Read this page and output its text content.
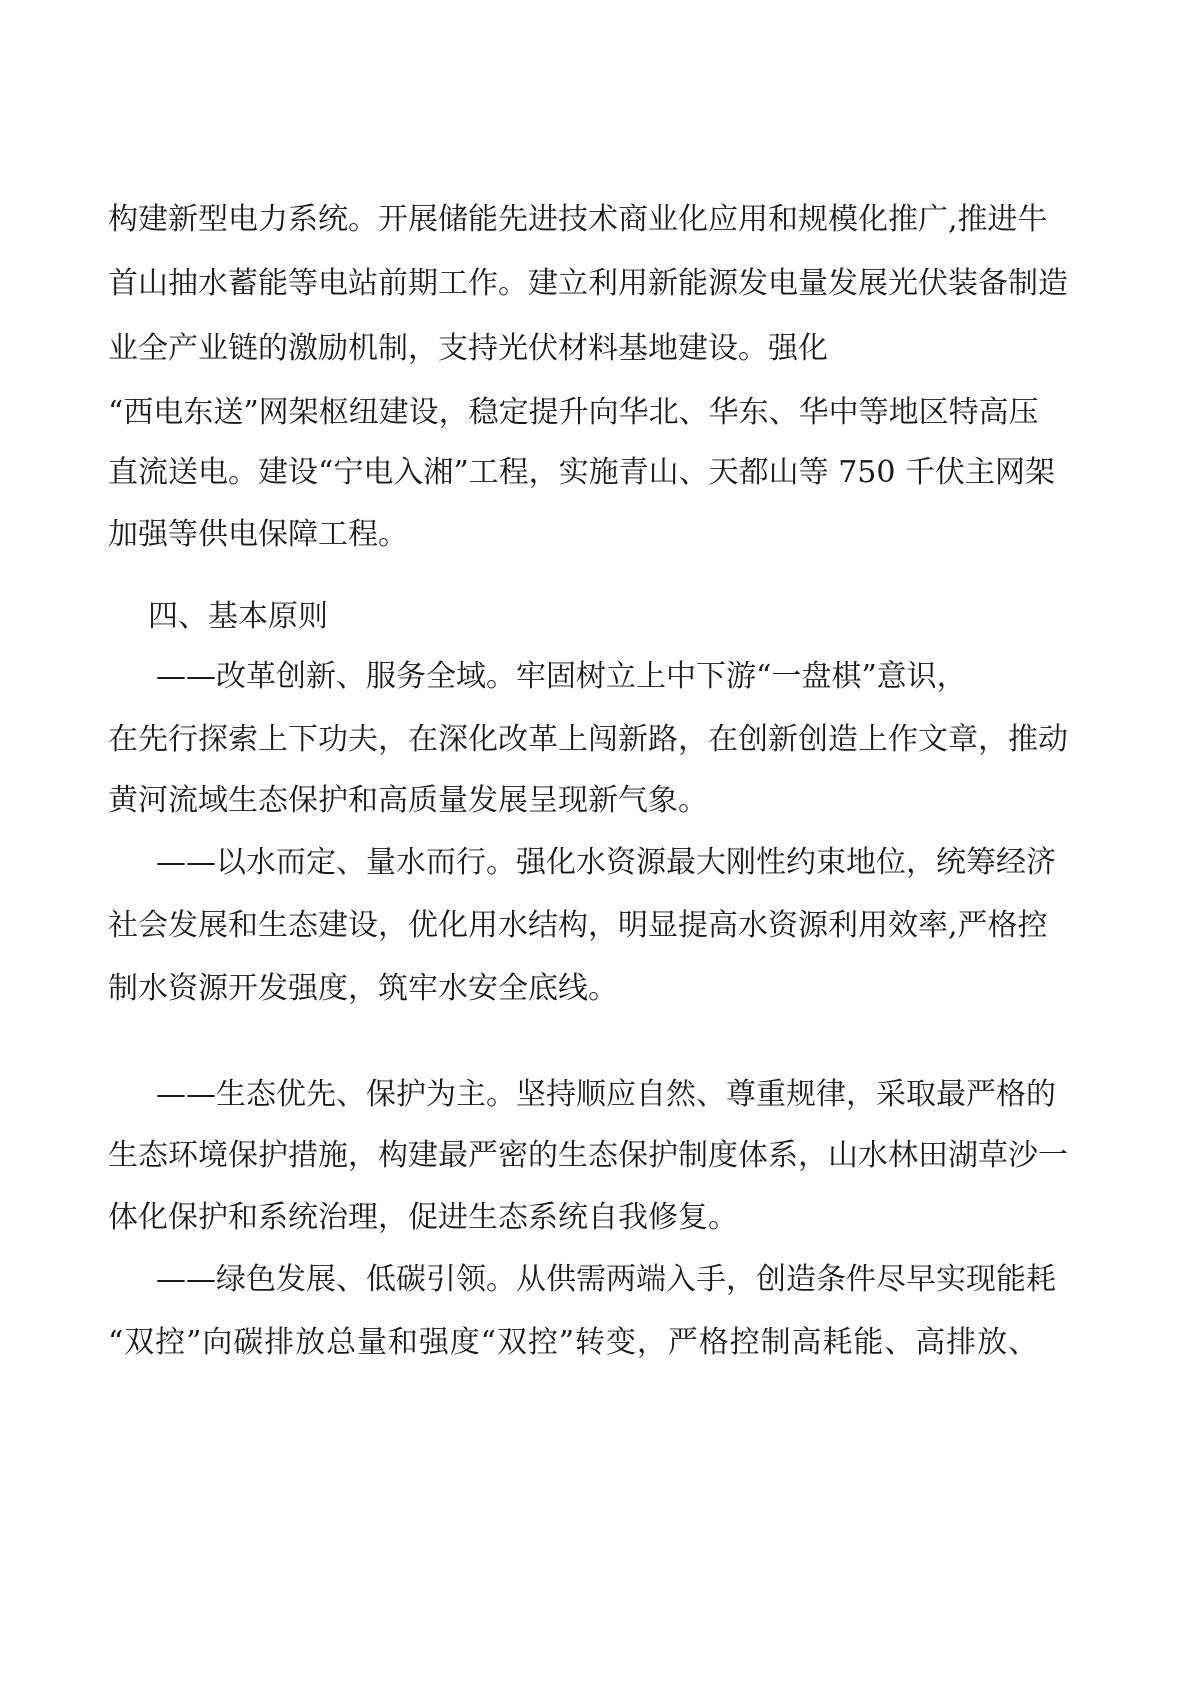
构建新型电力系统。开展储能先进技术商业化应用和规模化推广,推进牛

首山抽水蓄能等电站前期工作。建立利用新能源发电量发展光伏装备制造

业全产业链的激励机制，支持光伏材料基地建设。强化

“西电东送”网架枢纽建设，稳定提升向华北、华东、华中等地区特高压

直流送电。建设“宁电入湘”工程，实施青山、天都山等 750 千伏主网架

加强等供电保障工程。

四、基本原则

——改革创新、服务全域。牢固树立上中下游“一盘棋”意识，

在先行探索上下功夫，在深化改革上闯新路，在创新创造上作文章，推动

黄河流域生态保护和高质量发展呈现新气象。

——以水而定、量水而行。强化水资源最大刚性约束地位，统筹经济

社会发展和生态建设，优化用水结构，明显提高水资源利用效率,严格控

制水资源开发强度，筑牢水安全底线。

——生态优先、保护为主。坚持顺应自然、尊重规律，采取最严格的

生态环境保护措施，构建最严密的生态保护制度体系，山水林田湖草沙一

体化保护和系统治理，促进生态系统自我修复。

——绿色发展、低碳引领。从供需两端入手，创造条件尽早实现能耗

“双控”向碳排放总量和强度“双控”转变，严格控制高耗能、高排放、
